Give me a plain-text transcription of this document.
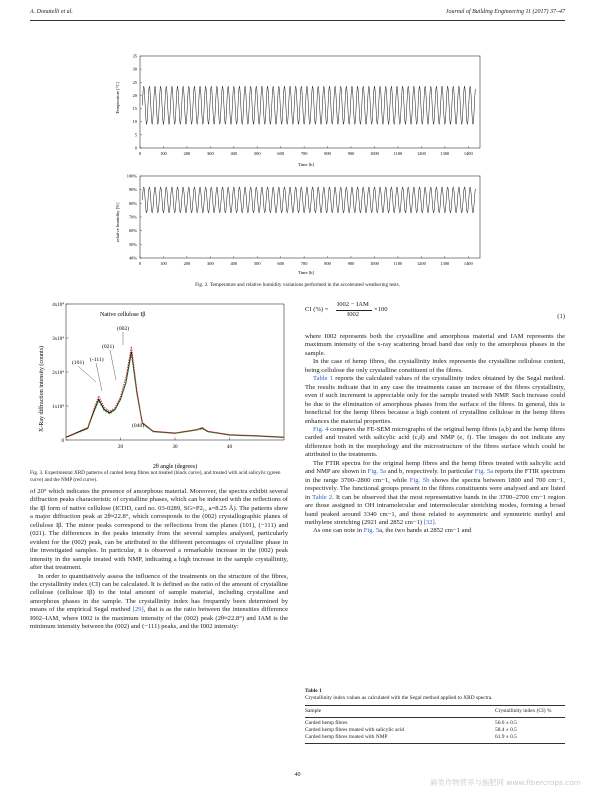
A. Donatelli et al.	Journal of Building Engineering 11 (2017) 37–47
0
5
10
15
20
25
30
35
0	100	200	300	400	500	600	700	800	900	1000	1100	1200	1300	1400
Temperature [°C]
Time [h]
40%
50%
60%
70%
80%
90%
100%
0	100	200	300	400	500	600	700	800	900	1000	1100	1200	1300	1400
relative humidity [%]
Time [h]
Fig. 2. Temperature and relative humidity variations performed in the accelerated weathering tests.
0
1x10⁴
2x10⁴
3x10⁴
4x10⁴
20	30	40
X-Ray diffraction intensity (counts)
2θ angle (degrees)
Native cellulose Iβ
(002)
(021)
(-111)
(101)
(040)
Fig. 3. Experimental XRD patterns of carded hemp fibres not treated (black curve), and treated with acid salicylic (green curve) and the NMP (red curve).

of 20° which indicates the presence of amorphous material. Moreover, the spectra exhibit several diffraction peaks characteristic of crystalline phases, which can be indexed with the reflections of the Iβ form of native cellulose (ICDD, card no. 03-0289, SG=P2₁, a=8.25 Å). The patterns show a major diffraction peak at 2θ≈22.8°, which corresponds to the (002) crystallographic planes of cellulose Iβ. The minor peaks correspond to the reflections from the planes (101), (−111) and (021). The differences in the peaks intensity from the several samples analysed, particularly evident for the (002) peak, can be attributed to the different percentages of crystalline phase in the investigated samples. In particular, it is observed a remarkable increase in the (002) peak intensity in the sample treated with NMP, indicating a high increase in the sample crystallinity, after that treatment.

In order to quantitatively assess the influence of the treatments on the structure of the fibres, the crystallinity index (CI) can be calculated. It is defined as the ratio of the amount of crystalline cellulose (cellulose Iβ) to the total amount of sample material, including crystalline and amorphous phases in the sample. The crystallinity index has frequently been determined by means of the empirical Segal method [29], that is as the ratio between the intensities difference I002–IAM, where I002 is the maximum intensity of the (002) peak (2θ≈22.8°) and IAM is the minimum intensity between the (002) and (−111) peaks, and the I002 intensity:

CI (%) =
I002 − IAM
I002
×100
(1)

where I002 represents both the crystalline and amorphous material and IAM represents the maximum intensity of the x-ray scattering broad band due only to the amorphous phases in the sample.

In the case of hemp fibres, the crystallinity index represents the crystalline cellulose content, being cellulose the only crystalline constituent of the fibres.

Table 1 reports the calculated values of the crystallinity index obtained by the Segal method. The results indicate that in any case the treatments cause an increase of the fibres crystallinity, even if such increment is appreciable only for the sample treated with NMP. Such increase could be due to the elimination of amorphous phases from the surface of the fibres. In general, this is beneficial for the hemp fibres because a high content of crystalline cellulose in the hemp fibres enhances the material properties.

Fig. 4 compares the FE-SEM micrographs of the original hemp fibres (a,b) and the hemp fibres carded and treated with salicylic acid (c,d) and NMP (e, f). The images do not indicate any difference both in the morphology and the microstructure of the fibres surface which could be attributed to the treatments.

The FTIR spectra for the original hemp fibres and the hemp fibres treated with salicylic acid and NMP are shown in Fig. 5a and b, respectively. In particular Fig. 5a reports the FTIR spectrum in the range 3700–2800 cm−1, while Fig. 5b shows the spectra between 1800 and 700 cm−1, respectively. The functional groups present in the fibres constituents were analysed and are listed in Table 2. It can be observed that the most representative bands in the 3700–2700 cm−1 region are those assigned to OH intramolecular and intermolecular stretching modes, forming a broad band peaked around 3340 cm−1, and those related to asymmetric and symmetric methyl and methylene stretching (2921 and 2852 cm−1) [32].

As one can note in Fig. 5a, the two bands at 2852 cm−1 and

Table 1
Crystallinity index values as calculated with the Segal method applied to XRD spectra.
Sample	Crystallinity index (CI) %
Carded hemp fibres	56.6 ± 0.5
Carded hemp fibres treated with salicylic acid	58.4 ± 0.5
Carded hemp fibres treated with NMP	61.9 ± 0.5
40
麻类作物营养与施肥网 www.fibercrops.com
